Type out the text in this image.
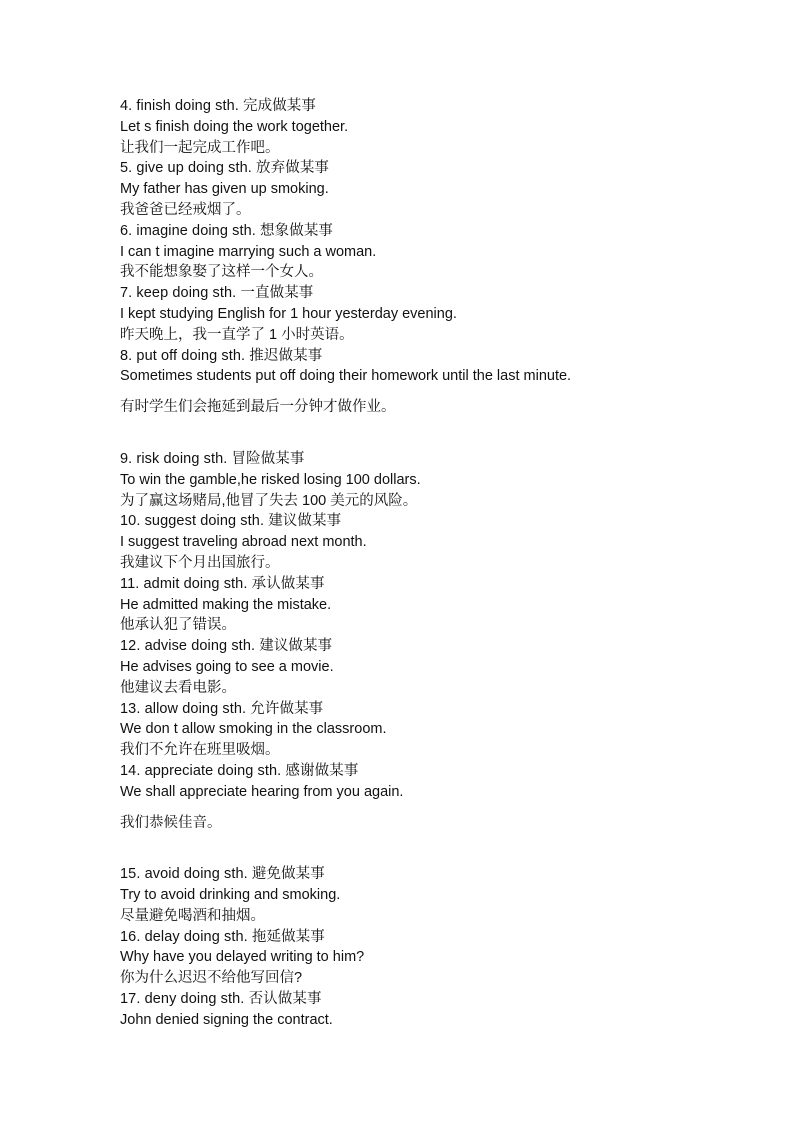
4. finish doing sth. 完成做某事
Let s finish doing the work together.
让我们一起完成工作吧。
5. give up doing sth. 放弃做某事
My father has given up smoking.
我爸爸已经戒烟了。
6. imagine doing sth. 想象做某事
I can t imagine marrying such a woman.
我不能想象娶了这样一个女人。
7. keep doing sth. 一直做某事
I kept studying English for 1 hour yesterday evening.
昨天晚上，我一直学了 1 小时英语。
8. put off doing sth. 推迟做某事
Sometimes students put off doing their homework until the last minute.
有时学生们会拖延到最后一分钟才做作业。
9. risk doing sth. 冒险做某事
To win the gamble,he risked losing 100 dollars.
为了赢这场赌局,他冒了失去 100 美元的风险。
10. suggest doing sth. 建议做某事
I suggest traveling abroad next month.
我建议下个月出国旅行。
11. admit doing sth. 承认做某事
He admitted making the mistake.
他承认犯了错误。
12. advise doing sth. 建议做某事
He advises going to see a movie.
他建议去看电影。
13. allow doing sth. 允许做某事
We don t allow smoking in the classroom.
我们不允许在班里吸烟。
14. appreciate doing sth. 感谢做某事
We shall appreciate hearing from you again.
我们恭候佳音。
15. avoid doing sth. 避免做某事
Try to avoid drinking and smoking.
尽量避免喝酒和抽烟。
16. delay doing sth. 拖延做某事
Why have you delayed writing to him?
你为什么迟迟不给他写回信?
17. deny doing sth. 否认做某事
John denied signing the contract.
